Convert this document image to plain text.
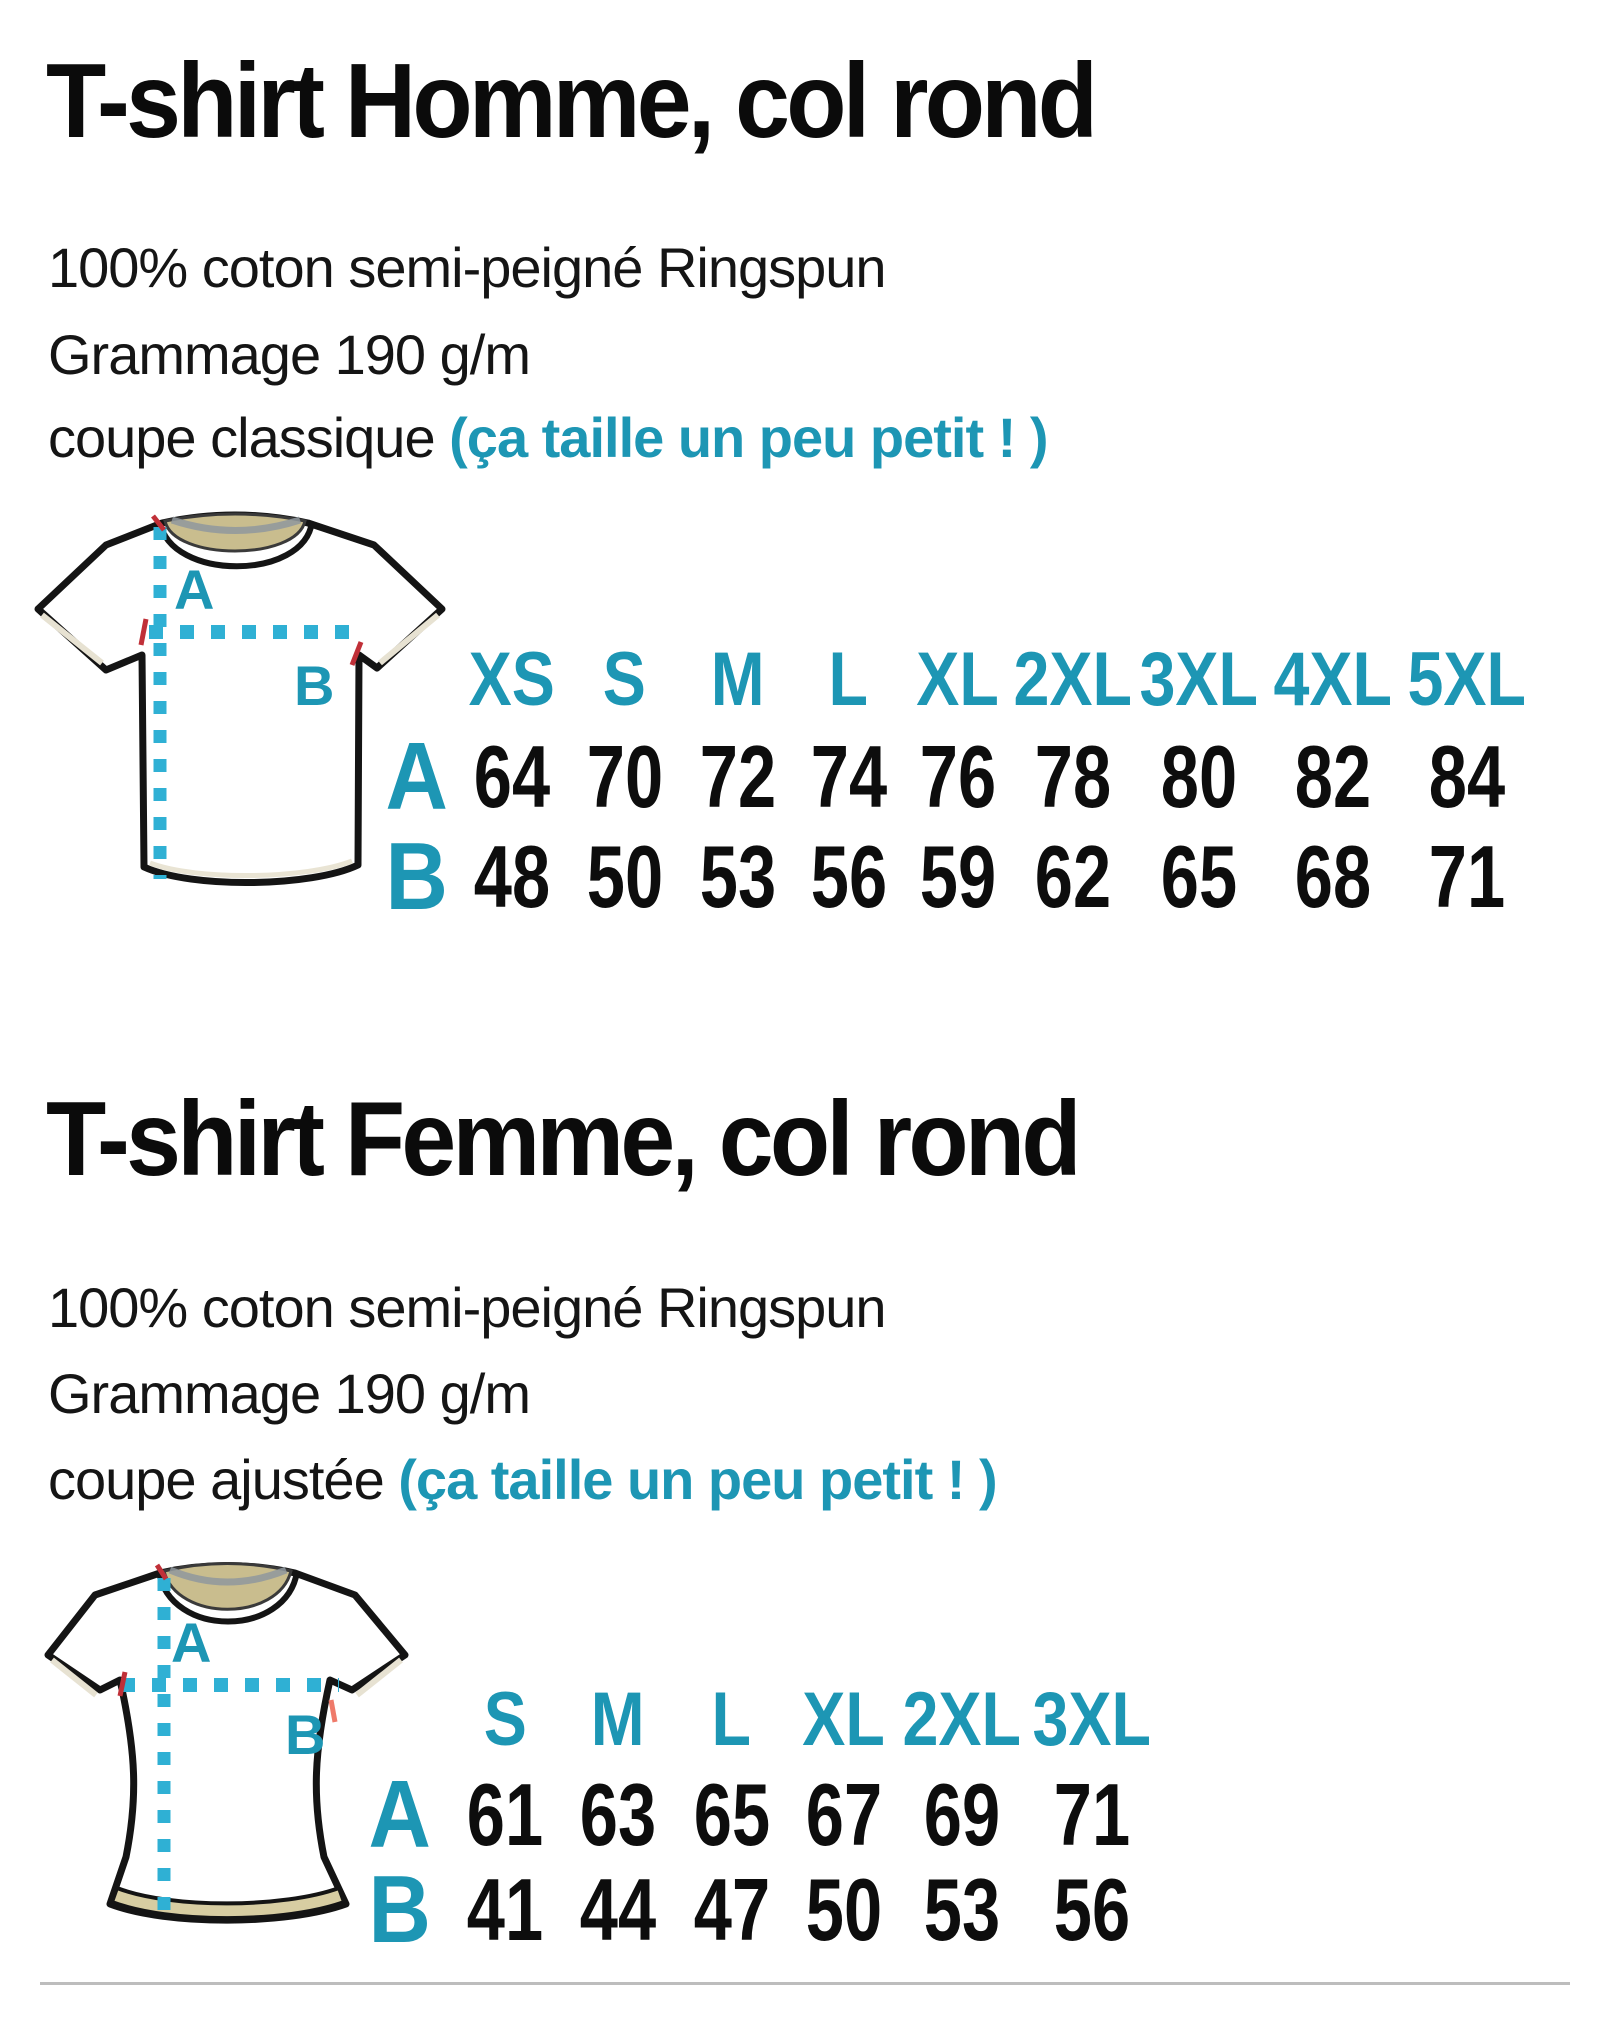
T-shirt Homme, col rond
100% coton semi-peigné Ringspun
Grammage 190 g/m
coupe classique (ça taille un peu petit ! )
A
B XS S M L XL 2XL 3XL 4XL 5XL
A 64 70 72 74 76 78 80 82 84
B 48 50 53 56 59 62 65 68 71
T-shirt Femme, col rond
100% coton semi-peigné Ringspun
Grammage 190 g/m
coupe ajustée (ça taille un peu petit ! )
A
B S M L XL 2XL 3XL
A 61 63 65 67 69 71
B 41 44 47 50 53 56
